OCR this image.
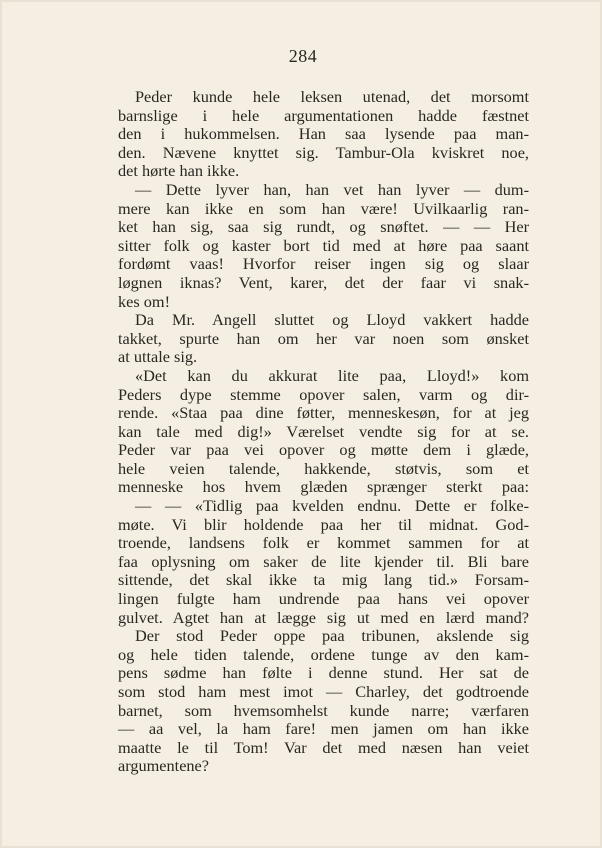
284
Peder kunde hele leksen utenad, det morsomt
barnslige i hele argumentationen hadde fæstnet
den i hukommelsen. Han saa lysende paa man-
den. Nævene knyttet sig. Tambur-Ola kviskret noe,
det hørte han ikke.
— Dette lyver han, han vet han lyver — dum-
mere kan ikke en som han være! Uvilkaarlig ran-
ket han sig, saa sig rundt, og snøftet. — — Her
sitter folk og kaster bort tid med at høre paa saant
fordømt vaas! Hvorfor reiser ingen sig og slaar
løgnen iknas? Vent, karer, det der faar vi snak-
kes om!
Da Mr. Angell sluttet og Lloyd vakkert hadde
takket, spurte han om her var noen som ønsket
at uttale sig.
«Det kan du akkurat lite paa, Lloyd!» kom
Peders dype stemme opover salen, varm og dir-
rende. «Staa paa dine føtter, menneskesøn, for at jeg
kan tale med dig!» Værelset vendte sig for at se.
Peder var paa vei opover og møtte dem i glæde,
hele veien talende, hakkende, støtvis, som et
menneske hos hvem glæden sprænger sterkt paa:
— — «Tidlig paa kvelden endnu. Dette er folke-
møte. Vi blir holdende paa her til midnat. God-
troende, landsens folk er kommet sammen for at
faa oplysning om saker de lite kjender til. Bli bare
sittende, det skal ikke ta mig lang tid.» Forsam-
lingen fulgte ham undrende paa hans vei opover
gulvet. Agtet han at lægge sig ut med en lærd mand?
Der stod Peder oppe paa tribunen, akslende sig
og hele tiden talende, ordene tunge av den kam-
pens sødme han følte i denne stund. Her sat de
som stod ham mest imot — Charley, det godtroende
barnet, som hvemsomhelst kunde narre; værfaren
— aa vel, la ham fare! men jamen om han ikke
maatte le til Tom! Var det med næsen han veiet
argumentene?
